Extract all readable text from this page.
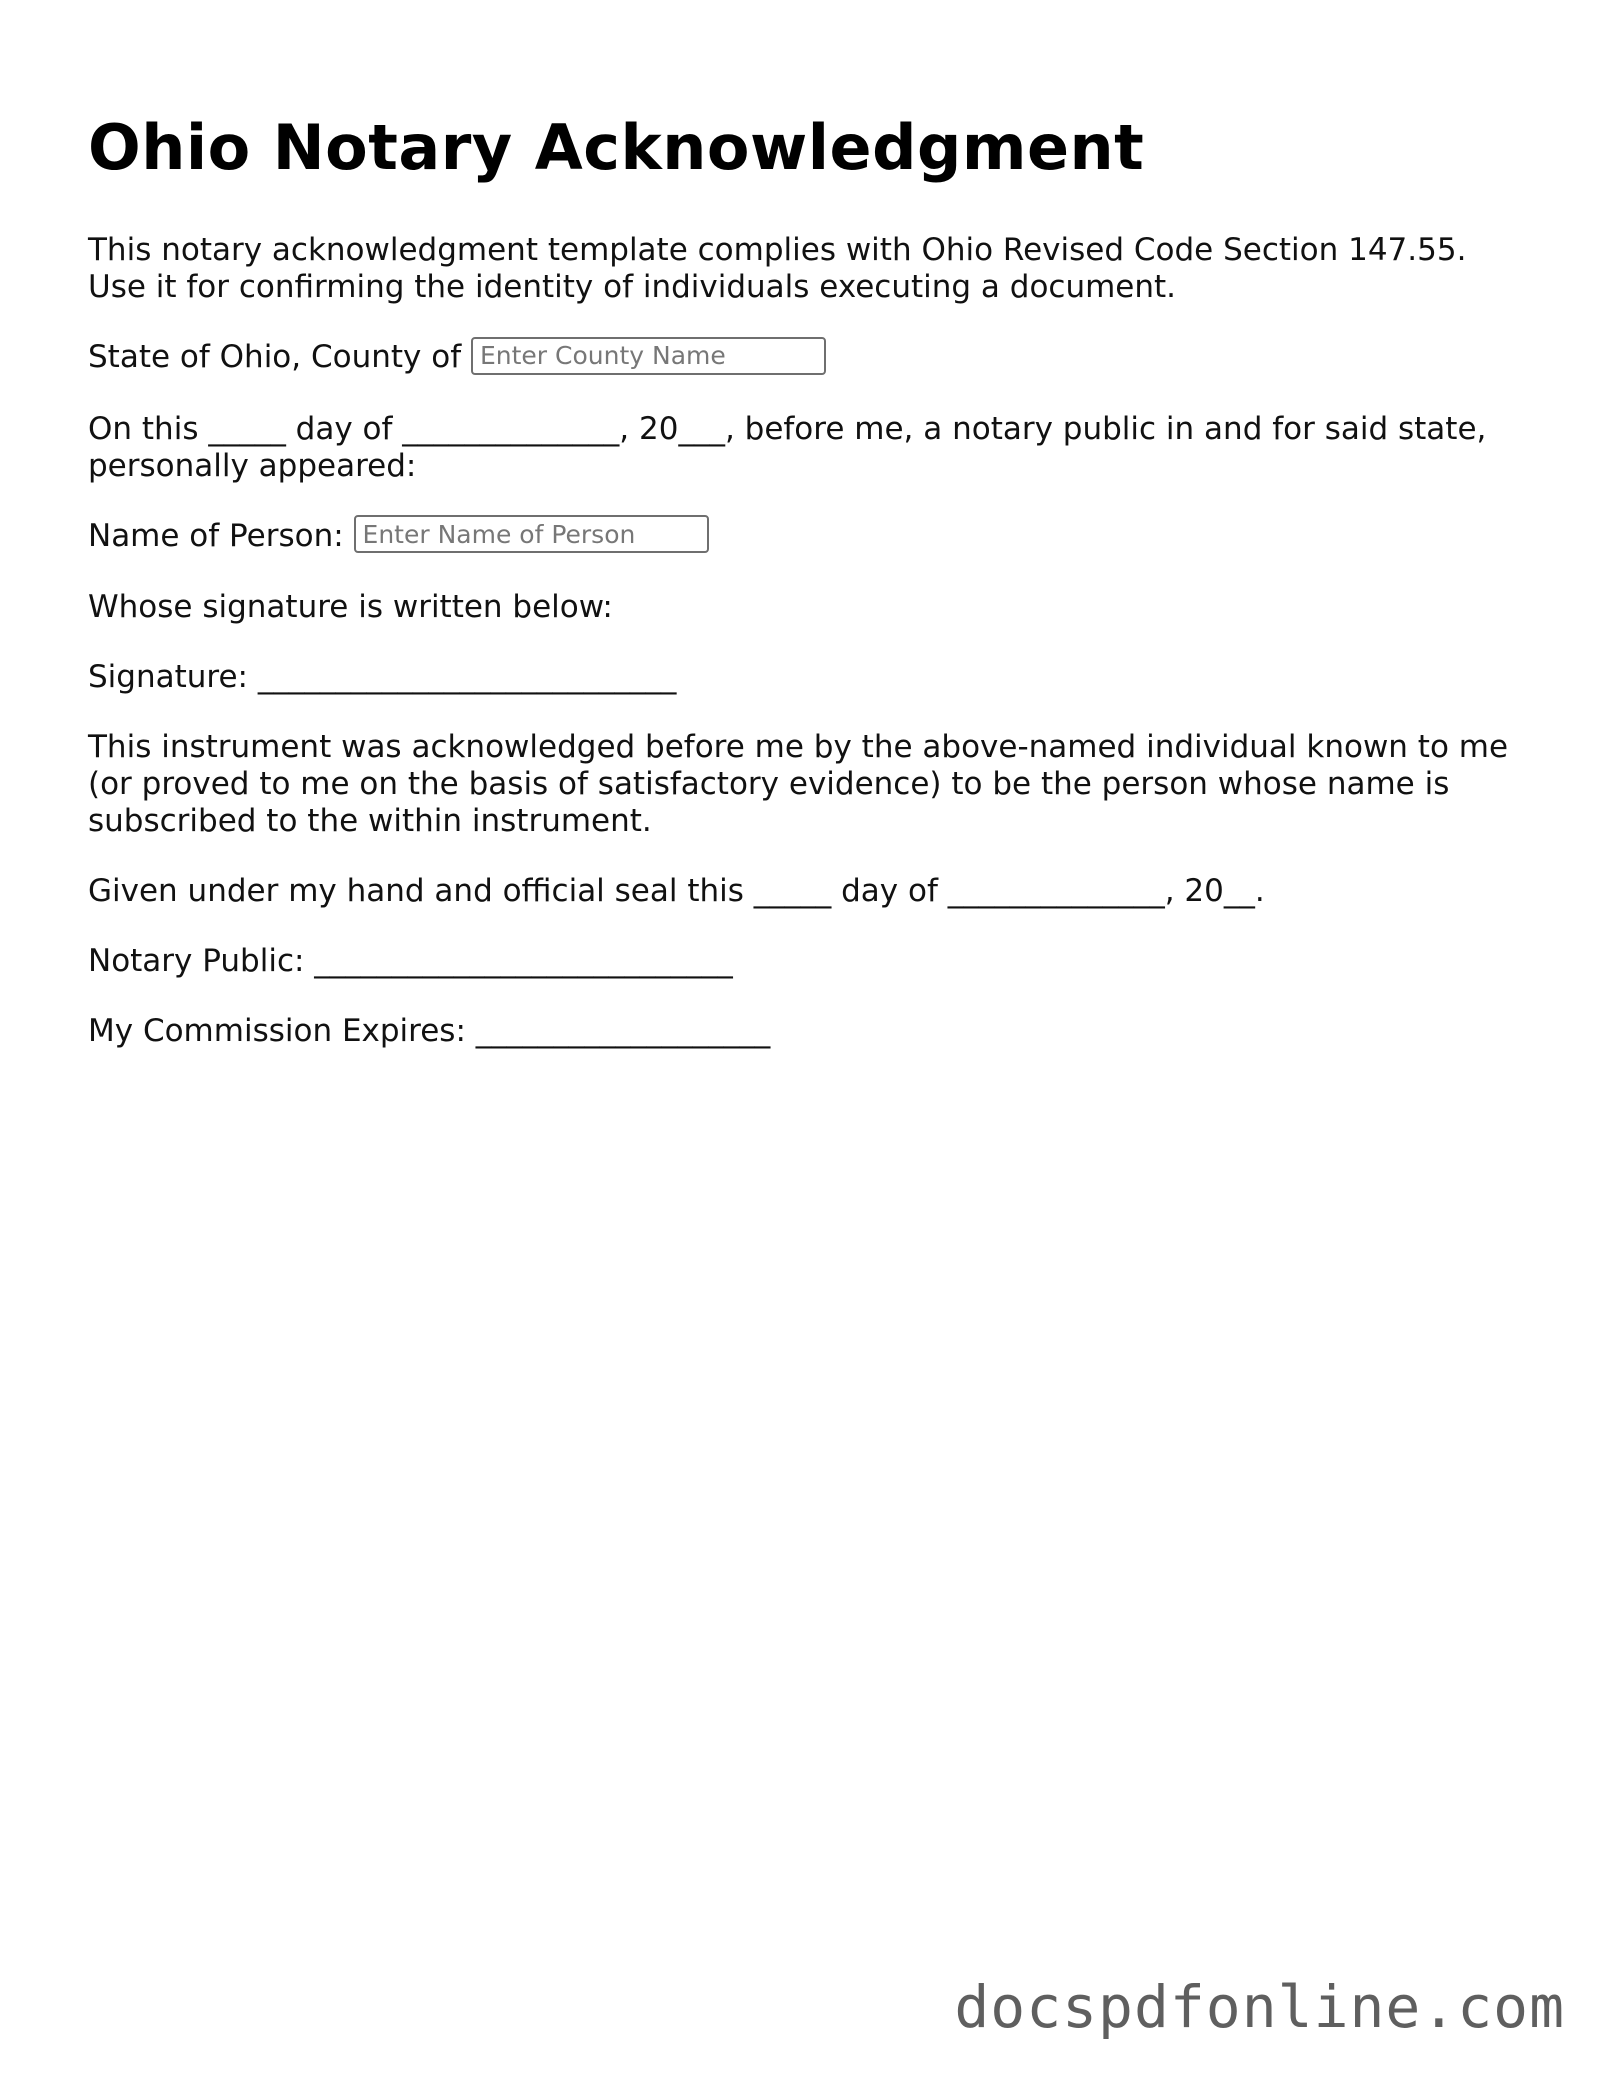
Ohio Notary Acknowledgment

This notary acknowledgment template complies with Ohio Revised Code Section 147.55. Use it for confirming the identity of individuals executing a document.

State of Ohio, County of Enter County Name

On this _____ day of ______________, 20___, before me, a notary public in and for said state, personally appeared:

Name of Person: Enter Name of Person

Whose signature is written below:

Signature: ___________________________

This instrument was acknowledged before me by the above-named individual known to me (or proved to me on the basis of satisfactory evidence) to be the person whose name is subscribed to the within instrument.

Given under my hand and official seal this _____ day of ______________, 20__.

Notary Public: ___________________________

My Commission Expires: ___________________

docspdfonline.com
